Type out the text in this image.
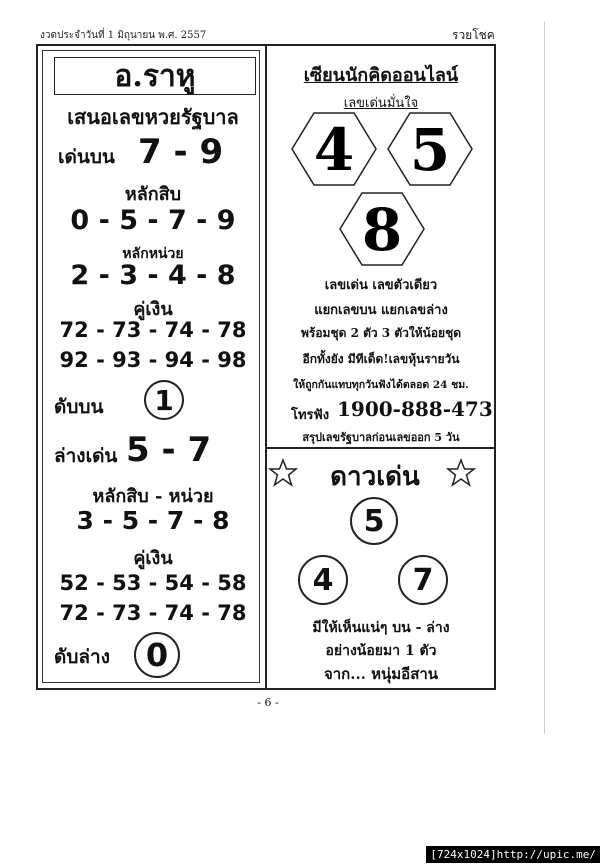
งวดประจำวันที่ 1 มิถุนายน พ.ศ. 2557	รวยโชค
อ.ราหู
เสนอเลขหวยรัฐบาล
เด่นบน 7 - 9
หลักสิบ
0 - 5 - 7 - 9
หลักหน่วย
2 - 3 - 4 - 8
คู่เงิน
72 - 73 - 74 - 78
92 - 93 - 94 - 98
ดับบน	1
ล่างเด่น 5 - 7
หลักสิบ - หน่วย
3 - 5 - 7 - 8
คู่เงิน
52 - 53 - 54 - 58
72 - 73 - 74 - 78
ดับล่าง	0
เซียนนักคิดออนไลน์
เลขเด่นมั่นใจ
4 5
8
เลขเด่น เลขตัวเดียว
แยกเลขบน แยกเลขล่าง
พร้อมชุด 2 ตัว 3 ตัวให้น้อยชุด
อีกทั้งยัง มีทีเด็ด!เลขหุ้นรายวัน
ให้ถูกกันแทบทุกวันฟังได้ตลอด 24 ชม.
โทรฟัง 1900-888-473
สรุปเลขรัฐบาลก่อนเลขออก 5 วัน
ดาวเด่น
5
4	7
มีให้เห็นแน่ๆ บน - ล่าง
อย่างน้อยมา 1 ตัว
จาก... หนุ่มอีสาน
- 6 -
[724x1024]http://upic.me/
